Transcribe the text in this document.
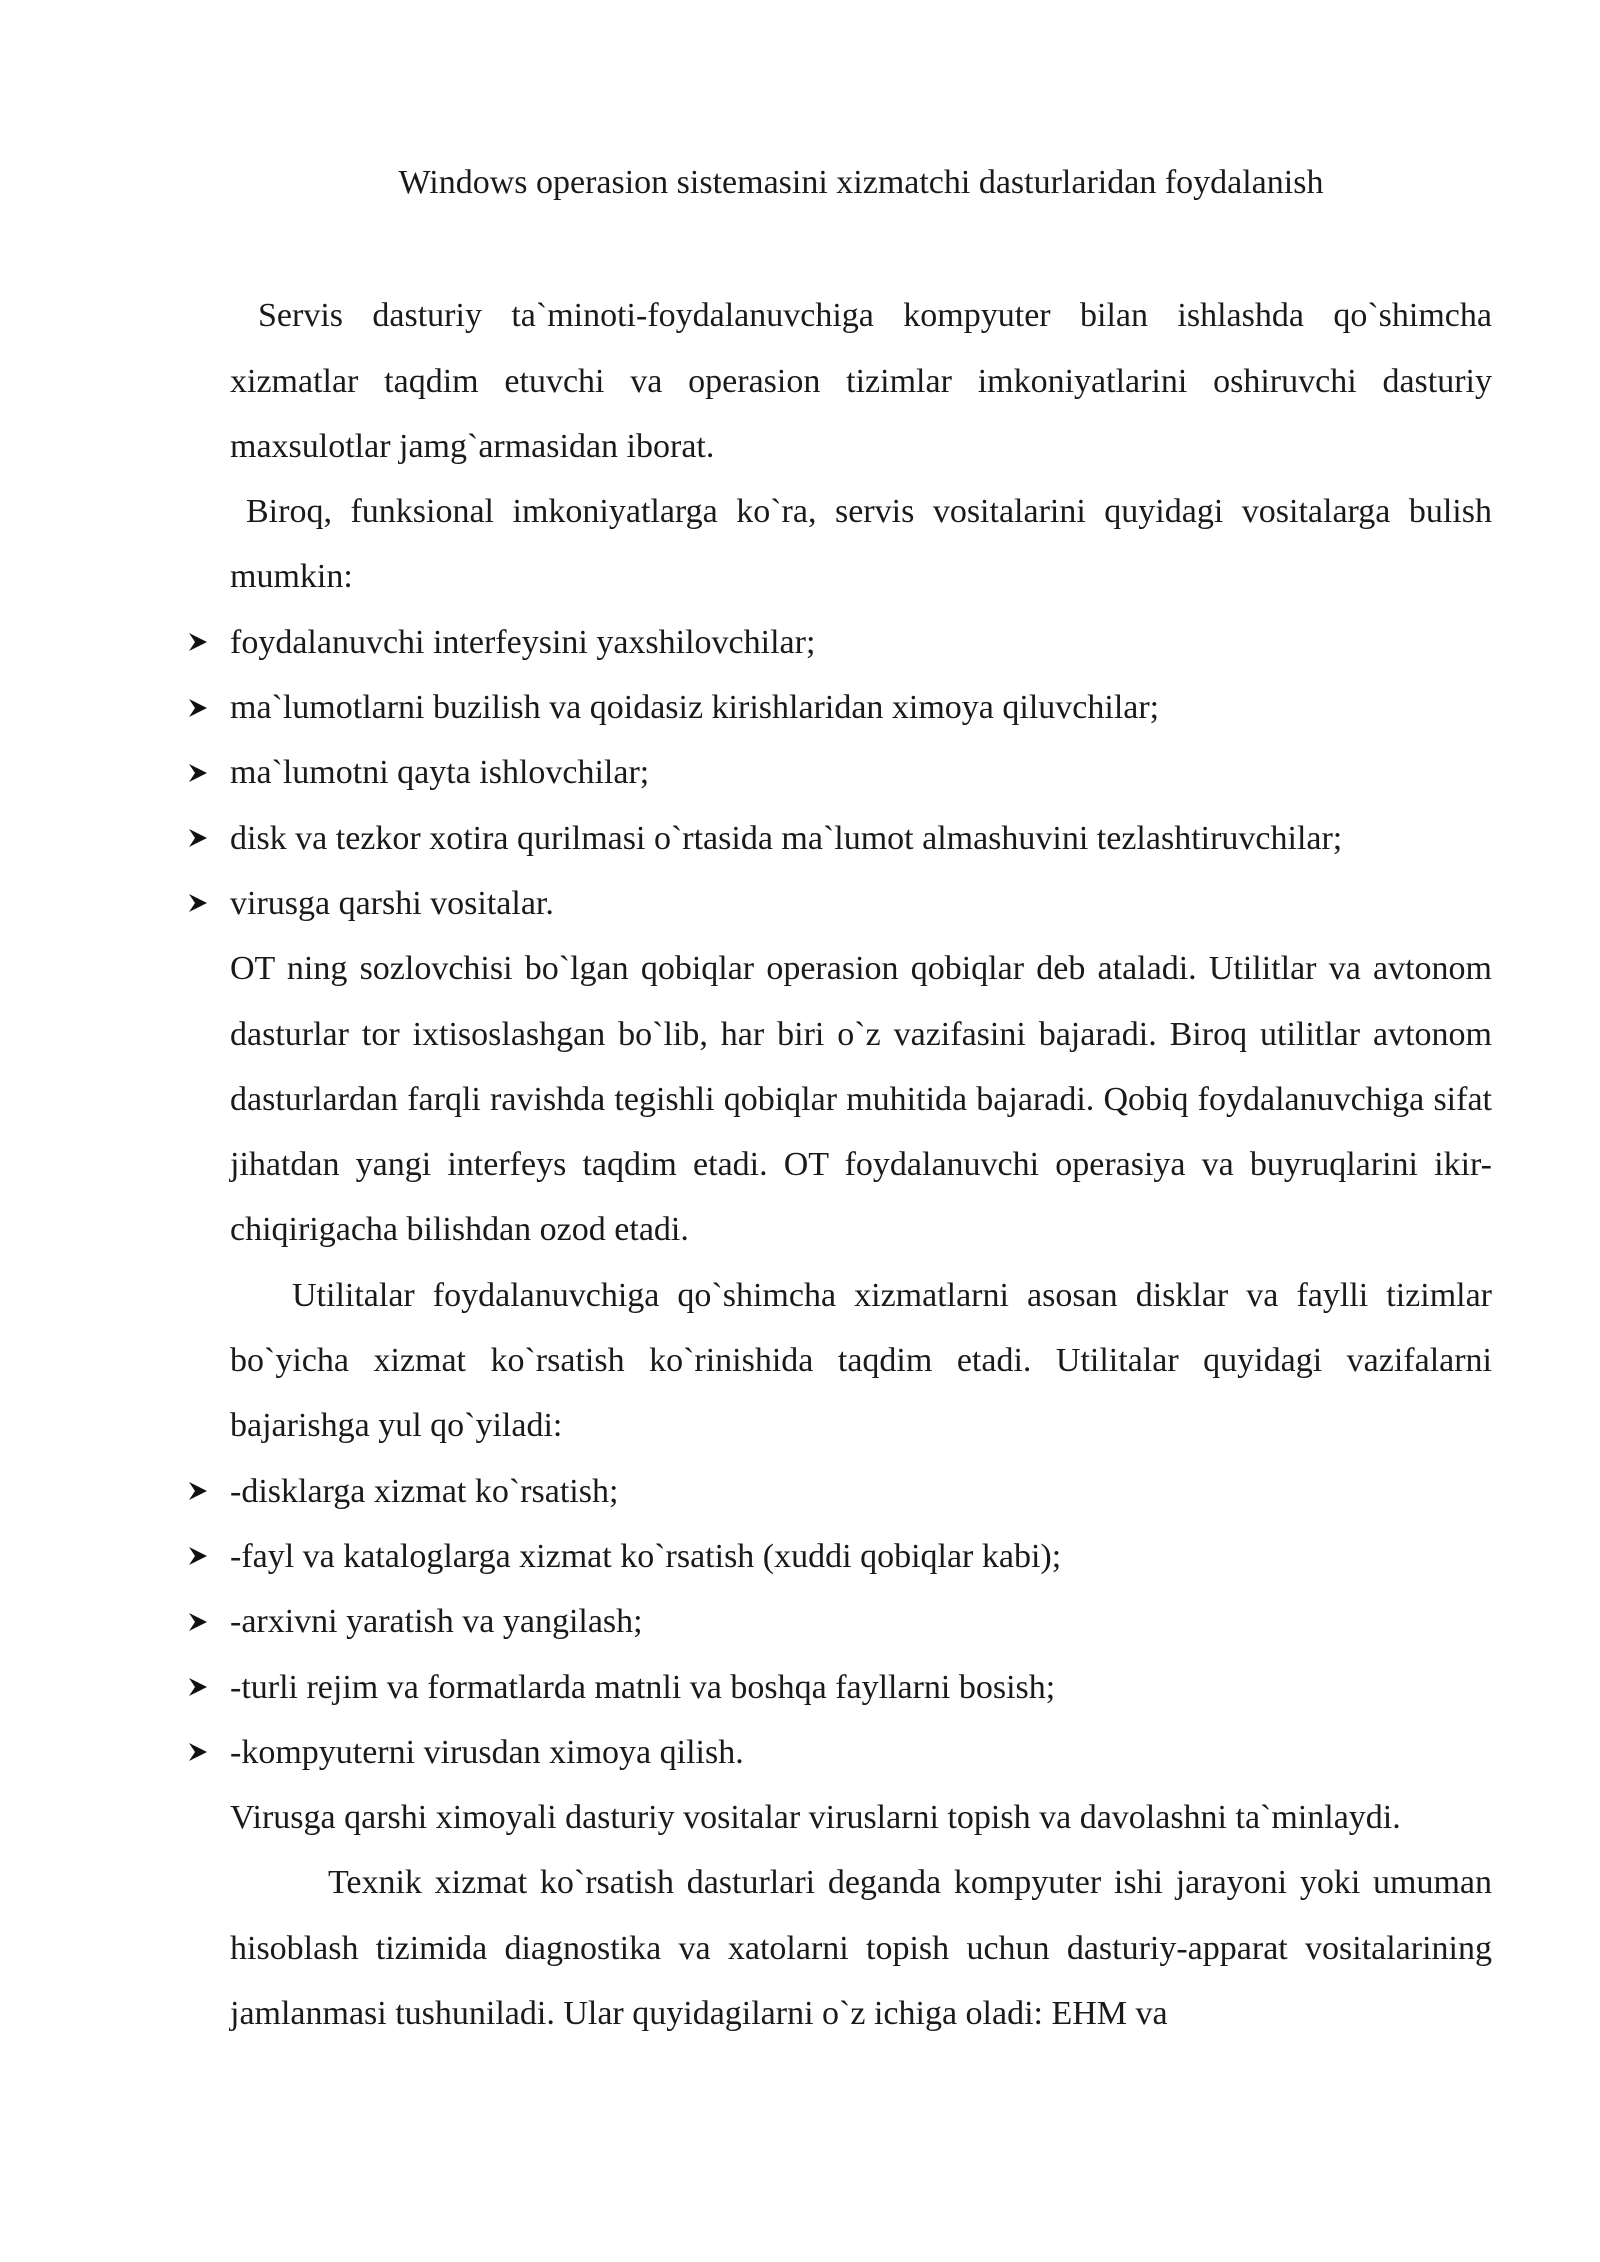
Windows operasion sistemasini xizmatchi dasturlaridan foydalanish

Servis dasturiy ta`minoti-foydalanuvchiga kompyuter bilan ishlashda qo`shimcha xizmatlar taqdim etuvchi va operasion tizimlar imkoniyatlarini oshiruvchi dasturiy maxsulotlar jamg`armasidan iborat.

Biroq, funksional imkoniyatlarga ko`ra, servis vositalarini quyidagi vositalarga bulish mumkin:

foydalanuvchi interfeysini yaxshilovchilar;
ma`lumotlarni buzilish va qoidasiz kirishlaridan ximoya qiluvchilar;
ma`lumotni qayta ishlovchilar;
disk va tezkor xotira qurilmasi o`rtasida ma`lumot almashuvini tezlashtiruvchilar;
virusga qarshi vositalar.

OT ning sozlovchisi bo`lgan qobiqlar operasion qobiqlar deb ataladi. Utilitlar va avtonom dasturlar tor ixtisoslashgan bo`lib, har biri o`z vazifasini bajaradi. Biroq utilitlar avtonom dasturlardan farqli ravishda tegishli qobiqlar muhitida bajaradi. Qobiq foydalanuvchiga sifat jihatdan yangi interfeys taqdim etadi. OT foydalanuvchi operasiya va buyruqlarini ikir-chiqirigacha bilishdan ozod etadi.

Utilitalar foydalanuvchiga qo`shimcha xizmatlarni asosan disklar va faylli tizimlar bo`yicha xizmat ko`rsatish ko`rinishida taqdim etadi. Utilitalar quyidagi vazifalarni bajarishga yul qo`yiladi:

-disklarga xizmat ko`rsatish;
-fayl va kataloglarga xizmat ko`rsatish (xuddi qobiqlar kabi);
-arxivni yaratish va yangilash;
-turli rejim va formatlarda matnli va boshqa fayllarni bosish;
-kompyuterni virusdan ximoya qilish.

Virusga qarshi ximoyali dasturiy vositalar viruslarni topish va davolashni ta`minlaydi.

Texnik xizmat ko`rsatish dasturlari deganda kompyuter ishi jarayoni yoki umuman hisoblash tizimida diagnostika va xatolarni topish uchun dasturiy-apparat vositalarining jamlanmasi tushuniladi. Ular quyidagilarni o`z ichiga oladi: EHM va
